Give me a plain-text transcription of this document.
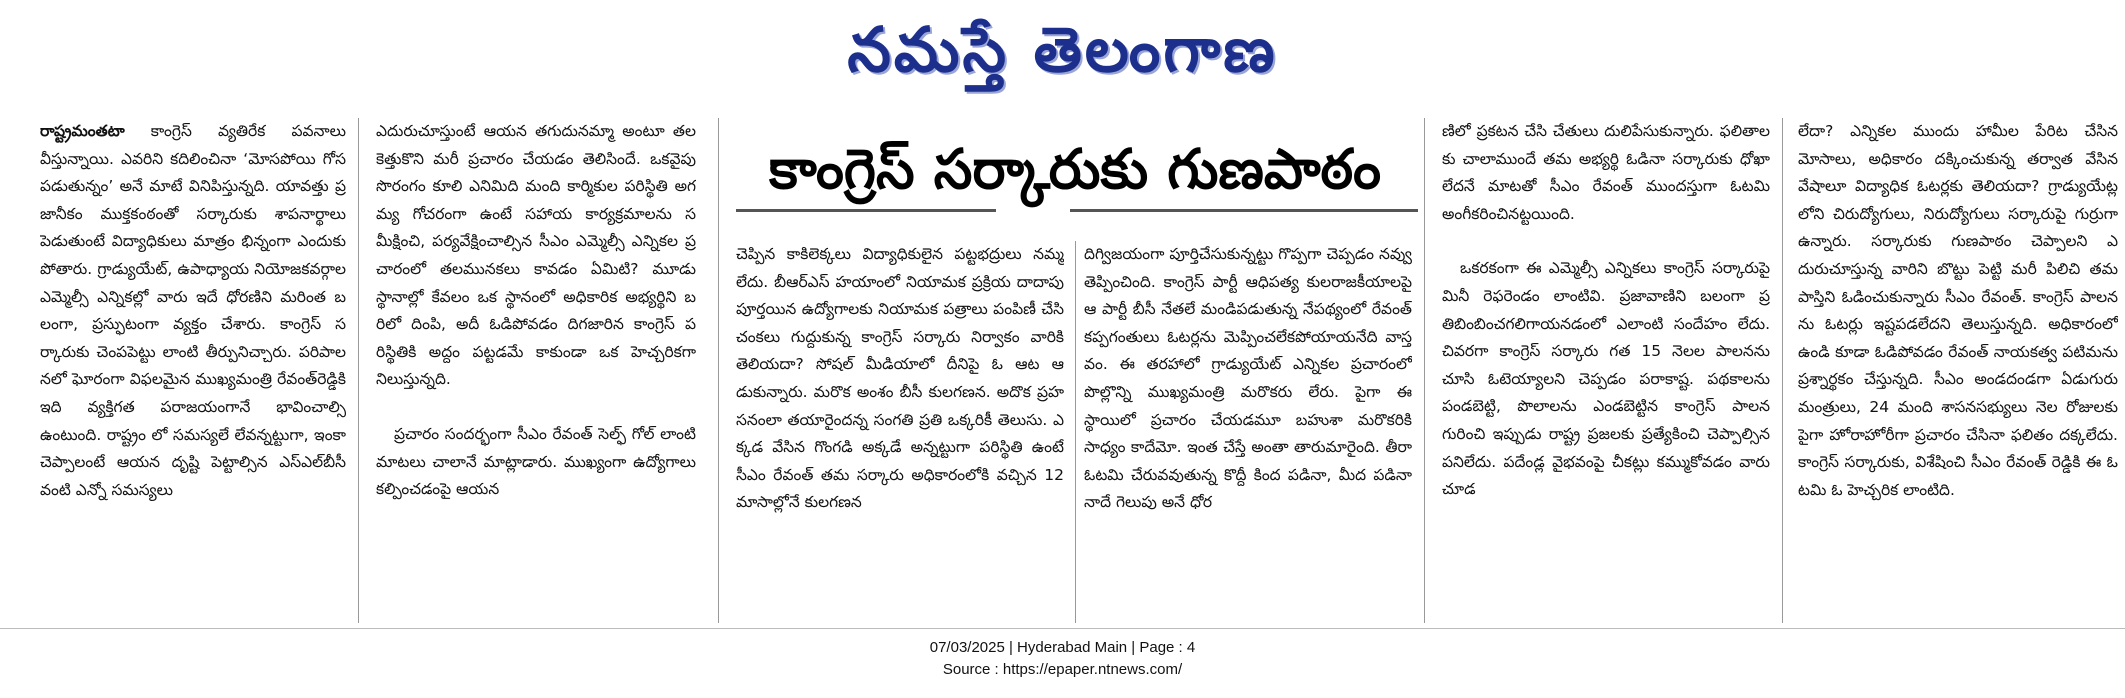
నమస్తే తెలంగాణ

రాష్ట్రమంతటా కాంగ్రెస్ వ్యతిరేక పవనాలు వీస్తున్నాయి. ఎవరిని కదిలించినా ‘మోసపోయి గోసపడుతున్నం’ అనే మాటే వినిపిస్తున్నది. యావత్తు ప్రజానీకం ముక్తకంఠంతో సర్కారుకు శాపనార్థాలు పెడుతుంటే విద్యాధికులు మాత్రం భిన్నంగా ఎందుకు పోతారు. గ్రాడ్యుయేట్, ఉపాధ్యాయ నియోజకవర్గాల ఎమ్మెల్సీ ఎన్నికల్లో వారు ఇదే ధోరణిని మరింత బలంగా, ప్రస్ఫుటంగా వ్యక్తం చేశారు. కాంగ్రెస్ సర్కారుకు చెంపపెట్టు లాంటి తీర్పునిచ్చారు. పరిపాలనలో ఘోరంగా విఫలమైన ముఖ్యమంత్రి రేవంత్‌రెడ్డికి ఇది వ్యక్తిగత పరాజయంగానే భావించాల్సి ఉంటుంది. రాష్ట్రం లో సమస్యలే లేవన్నట్టుగా, ఇంకా చెప్పాలంటే ఆయన దృష్టి పెట్టాల్సిన ఎస్‌ఎల్‌బీసీ వంటి ఎన్నో సమస్యలు

ఎదురుచూస్తుంటే ఆయన తగుదునమ్మా అంటూ తలకెత్తుకొని మరీ ప్రచారం చేయడం తెలిసిందే. ఒకవైపు సొరంగం కూలి ఎనిమిది మంది కార్మికుల పరిస్థితి అగమ్య గోచరంగా ఉంటే సహాయ కార్యక్రమాలను సమీక్షించి, పర్యవేక్షించాల్సిన సీఎం ఎమ్మెల్సీ ఎన్నికల ప్రచారంలో తలమునకలు కావడం ఏమిటి? మూడు స్థానాల్లో కేవలం ఒక స్థానంలో అధికారిక అభ్యర్థిని బరిలో దింపి, అదీ ఓడిపోవడం దిగజారిన కాంగ్రెస్ పరిస్థితికి అద్దం పట్టడమే కాకుండా ఒక హెచ్చరికగా నిలుస్తున్నది.

ప్రచారం సందర్భంగా సీఎం రేవంత్ సెల్ఫ్ గోల్ లాంటి మాటలు చాలానే మాట్లాడారు. ముఖ్యంగా ఉద్యోగాలు కల్పించడంపై ఆయన

కాంగ్రెస్ సర్కారుకు గుణపాఠం

చెప్పిన కాకిలెక్కలు విద్యాధికులైన పట్టభద్రులు నమ్మలేదు. బీఆర్‌ఎస్ హయాంలో నియామక ప్రక్రియ దాదాపు పూర్తయిన ఉద్యోగాలకు నియామక పత్రాలు పంపిణీ చేసి చంకలు గుద్దుకున్న కాంగ్రెస్ సర్కారు నిర్వాకం వారికి తెలియదా? సోషల్ మీడియాలో దీనిపై ఓ ఆట ఆడుకున్నారు. మరొక అంశం బీసీ కులగణన. అదొక ప్రహసనంలా తయారైందన్న సంగతి ప్రతి ఒక్కరికీ తెలుసు. ఎక్కడ వేసిన గొంగడి అక్కడే అన్నట్టుగా పరిస్థితి ఉంటే సీఎం రేవంత్ తమ సర్కారు అధికారంలోకి వచ్చిన 12 మాసాల్లోనే కులగణన

దిగ్విజయంగా పూర్తిచేసుకున్నట్టు గొప్పగా చెప్పడం నవ్వు తెప్పించింది. కాంగ్రెస్ పార్టీ ఆధిపత్య కులరాజకీయాలపై ఆ పార్టీ బీసీ నేతలే మండిపడుతున్న నేపథ్యంలో రేవంత్ కప్పగంతులు ఓటర్లను మెప్పించలేకపోయాయనేది వాస్తవం. ఈ తరహాలో గ్రాడ్యుయేట్ ఎన్నికల ప్రచారంలో పొల్లొన్ని ముఖ్యమంత్రి మరొకరు లేరు. పైగా ఈ స్థాయిలో ప్రచారం చేయడమూ బహుశా మరొకరికి సాధ్యం కాదేమో. ఇంత చేస్తే అంతా తారుమారైంది. తీరా ఓటమి చేరువవుతున్న కొద్దీ కింద పడినా, మీద పడినా నాదే గెలుపు అనే ధోర

ణిలో ప్రకటన చేసి చేతులు దులిపేసుకున్నారు. ఫలితాలకు చాలాముందే తమ అభ్యర్థి ఓడినా సర్కారుకు ధోఖా లేదనే మాటతో సీఎం రేవంత్ ముందస్తుగా ఓటమి అంగీకరించినట్టయింది.

ఒకరకంగా ఈ ఎమ్మెల్సీ ఎన్నికలు కాంగ్రెస్ సర్కారుపై మినీ రెఫరెండం లాంటివి. ప్రజావాణిని బలంగా ప్రతిబింబించగలిగాయనడంలో ఎలాంటి సందేహం లేదు. చివరగా కాంగ్రెస్ సర్కారు గత 15 నెలల పాలనను చూసి ఓటెయ్యాలని చెప్పడం పరాకాష్ట. పథకాలను పండబెట్టి, పొలాలను ఎండబెట్టిన కాంగ్రెస్ పాలన గురించి ఇప్పుడు రాష్ట్ర ప్రజలకు ప్రత్యేకించి చెప్పాల్సిన పనిలేదు. పదేండ్ల వైభవంపై చీకట్లు కమ్ముకోవడం వారు చూడ

లేదా? ఎన్నికల ముందు హామీల పేరిట చేసిన మోసాలు, అధికారం దక్కించుకున్న తర్వాత వేసిన వేషాలూ విద్యాధిక ఓటర్లకు తెలియదా? గ్రాడ్యుయేట్లలోని చిరుద్యోగులు, నిరుద్యోగులు సర్కారుపై గుర్రుగా ఉన్నారు. సర్కారుకు గుణపాఠం చెప్పాలని ఎదురుచూస్తున్న వారిని బొట్టు పెట్టి మరీ పిలిచి తమ పాస్తిని ఓడించుకున్నారు సీఎం రేవంత్. కాంగ్రెస్ పాలనను ఓటర్లు ఇష్టపడలేదని తెలుస్తున్నది. అధికారంలో ఉండి కూడా ఓడిపోవడం రేవంత్ నాయకత్వ పటిమను ప్రశ్నార్థకం చేస్తున్నది. సీఎం అండదండగా ఏడుగురు మంత్రులు, 24 మంది శాసనసభ్యులు నెల రోజులకు పైగా హోరాహోరీగా ప్రచారం చేసినా ఫలితం దక్కలేదు. కాంగ్రెస్ సర్కారుకు, విశేషించి సీఎం రేవంత్ రెడ్డికి ఈ ఓటమి ఓ హెచ్చరిక లాంటిది.

07/03/2025 | Hyderabad Main | Page : 4
Source : https://epaper.ntnews.com/
